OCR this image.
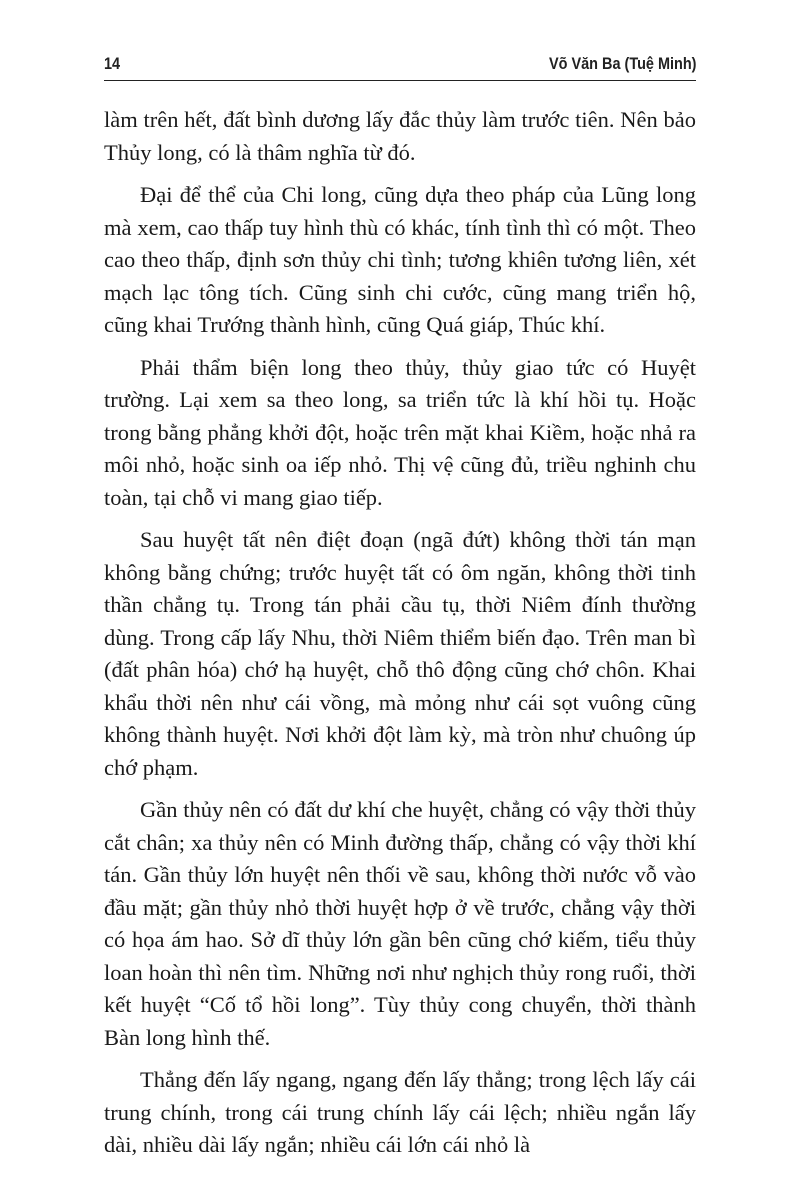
14	Võ Văn Ba (Tuệ Minh)

làm trên hết, đất bình dương lấy đắc thủy làm trước tiên. Nên bảo Thủy long, có là thâm nghĩa từ đó.

Đại để thể của Chi long, cũng dựa theo pháp của Lũng long mà xem, cao thấp tuy hình thù có khác, tính tình thì có một. Theo cao theo thấp, định sơn thủy chi tình; tương khiên tương liên, xét mạch lạc tông tích. Cũng sinh chi cước, cũng mang triển hộ, cũng khai Trướng thành hình, cũng Quá giáp, Thúc khí.

Phải thẩm biện long theo thủy, thủy giao tức có Huyệt trường. Lại xem sa theo long, sa triển tức là khí hồi tụ. Hoặc trong bằng phẳng khởi đột, hoặc trên mặt khai Kiềm, hoặc nhả ra môi nhỏ, hoặc sinh oa iếp nhỏ. Thị vệ cũng đủ, triều nghinh chu toàn, tại chỗ vi mang giao tiếp.

Sau huyệt tất nên điệt đoạn (ngã đứt) không thời tán mạn không bằng chứng; trước huyệt tất có ôm ngăn, không thời tinh thần chẳng tụ. Trong tán phải cầu tụ, thời Niêm đính thường dùng. Trong cấp lấy Nhu, thời Niêm thiểm biến đạo. Trên man bì (đất phân hóa) chớ hạ huyệt, chỗ thô động cũng chớ chôn. Khai khẩu thời nên như cái vồng, mà mỏng như cái sọt vuông cũng không thành huyệt. Nơi khởi đột làm kỳ, mà tròn như chuông úp chớ phạm.

Gần thủy nên có đất dư khí che huyệt, chẳng có vậy thời thủy cắt chân; xa thủy nên có Minh đường thấp, chẳng có vậy thời khí tán. Gần thủy lớn huyệt nên thối về sau, không thời nước vỗ vào đầu mặt; gần thủy nhỏ thời huyệt hợp ở về trước, chẳng vậy thời có họa ám hao. Sở dĩ thủy lớn gần bên cũng chớ kiếm, tiểu thủy loan hoàn thì nên tìm. Những nơi như nghịch thủy rong ruổi, thời kết huyệt “Cố tổ hồi long”. Tùy thủy cong chuyển, thời thành Bàn long hình thế.

Thẳng đến lấy ngang, ngang đến lấy thẳng; trong lệch lấy cái trung chính, trong cái trung chính lấy cái lệch; nhiều ngắn lấy dài, nhiều dài lấy ngắn; nhiều cái lớn cái nhỏ là
